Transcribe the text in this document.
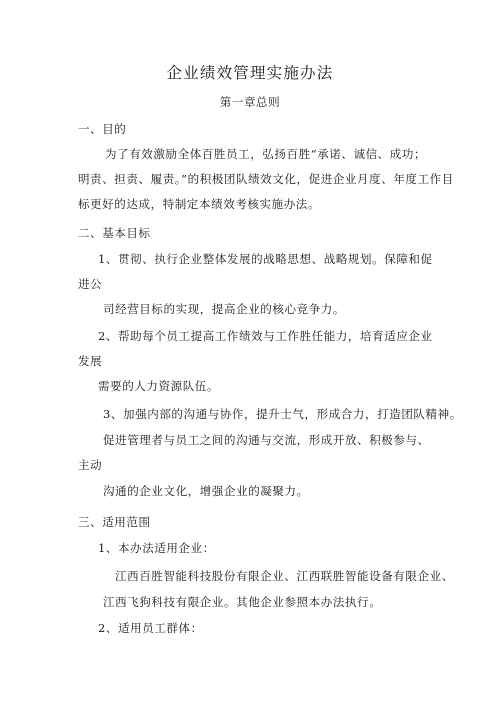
企业绩效管理实施办法
第一章总则
一、目的
为了有效激励全体百胜员工，弘扬百胜“承诺、诚信、成功；
明责、担责、履责。”的积极团队绩效文化，促进企业月度、年度工作目
标更好的达成，特制定本绩效考核实施办法。
二、基本目标
1、贯彻、执行企业整体发展的战略思想、战略规划。保障和促
进公
司经营目标的实现，提高企业的核心竞争力。
2、帮助每个员工提高工作绩效与工作胜任能力，培育适应企业
发展
需要的人力资源队伍。
3、加强内部的沟通与协作，提升士气，形成合力，打造团队精神。
促进管理者与员工之间的沟通与交流，形成开放、积极参与、
主动
沟通的企业文化，增强企业的凝聚力。
三、适用范围
1、本办法适用企业：
江西百胜智能科技股份有限企业、江西联胜智能设备有限企业、
江西飞狗科技有限企业。其他企业参照本办法执行。
2、适用员工群体：
